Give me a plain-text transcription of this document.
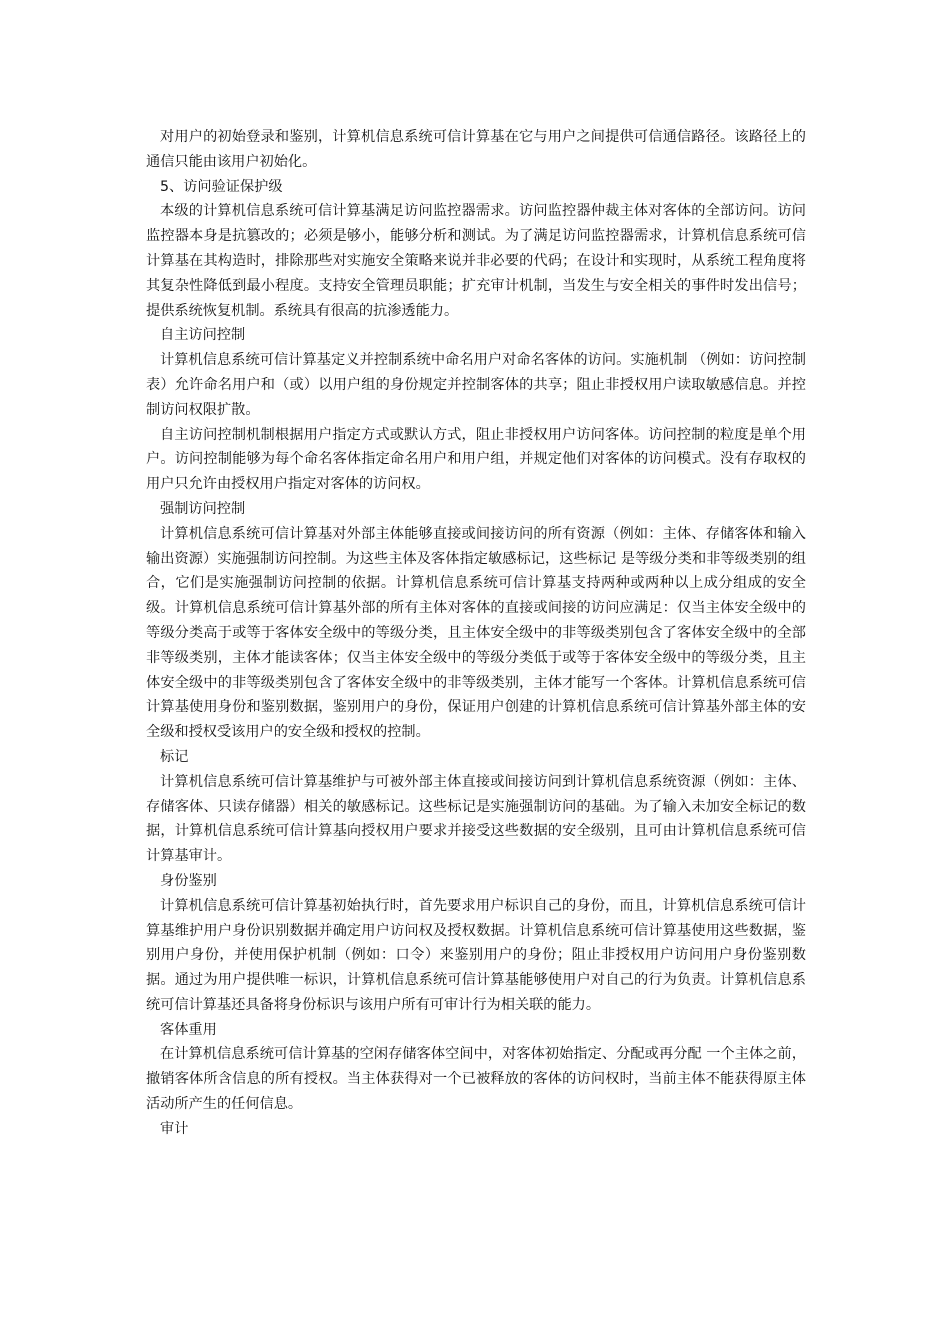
对用户的初始登录和鉴别，计算机信息系统可信计算基在它与用户之间提供可信通信路径。该路径上的通信只能由该用户初始化。

5、访问验证保护级

本级的计算机信息系统可信计算基满足访问监控器需求。访问监控器仲裁主体对客体的全部访问。访问监控器本身是抗篡改的；必须是够小，能够分析和测试。为了满足访问监控器需求，计算机信息系统可信计算基在其构造时，排除那些对实施安全策略来说并非必要的代码；在设计和实现时，从系统工程角度将其复杂性降低到最小程度。支持安全管理员职能；扩充审计机制，当发生与安全相关的事件时发出信号；提供系统恢复机制。系统具有很高的抗渗透能力。

自主访问控制

计算机信息系统可信计算基定义并控制系统中命名用户对命名客体的访问。实施机制 （例如：访问控制表）允许命名用户和（或）以用户组的身份规定并控制客体的共享；阻止非授权用户读取敏感信息。并控制访问权限扩散。

自主访问控制机制根据用户指定方式或默认方式，阻止非授权用户访问客体。访问控制的粒度是单个用户。访问控制能够为每个命名客体指定命名用户和用户组，并规定他们对客体的访问模式。没有存取权的用户只允许由授权用户指定对客体的访问权。

强制访问控制

计算机信息系统可信计算基对外部主体能够直接或间接访问的所有资源（例如：主体、存储客体和输入输出资源）实施强制访问控制。为这些主体及客体指定敏感标记，这些标记 是等级分类和非等级类别的组合，它们是实施强制访问控制的依据。计算机信息系统可信计算基支持两种或两种以上成分组成的安全级。计算机信息系统可信计算基外部的所有主体对客体的直接或间接的访问应满足：仅当主体安全级中的等级分类高于或等于客体安全级中的等级分类，且主体安全级中的非等级类别包含了客体安全级中的全部非等级类别，主体才能读客体；仅当主体安全级中的等级分类低于或等于客体安全级中的等级分类，且主体安全级中的非等级类别包含了客体安全级中的非等级类别，主体才能写一个客体。计算机信息系统可信计算基使用身份和鉴别数据，鉴别用户的身份，保证用户创建的计算机信息系统可信计算基外部主体的安全级和授权受该用户的安全级和授权的控制。

标记

计算机信息系统可信计算基维护与可被外部主体直接或间接访问到计算机信息系统资源（例如：主体、存储客体、只读存储器）相关的敏感标记。这些标记是实施强制访问的基础。为了输入未加安全标记的数据，计算机信息系统可信计算基向授权用户要求并接受这些数据的安全级别，且可由计算机信息系统可信计算基审计。

身份鉴别

计算机信息系统可信计算基初始执行时，首先要求用户标识自己的身份，而且，计算机信息系统可信计算基维护用户身份识别数据并确定用户访问权及授权数据。计算机信息系统可信计算基使用这些数据，鉴别用户身份，并使用保护机制（例如：口令）来鉴别用户的身份；阻止非授权用户访问用户身份鉴别数据。通过为用户提供唯一标识，计算机信息系统可信计算基能够使用户对自己的行为负责。计算机信息系统可信计算基还具备将身份标识与该用户所有可审计行为相关联的能力。

客体重用

在计算机信息系统可信计算基的空闲存储客体空间中，对客体初始指定、分配或再分配 一个主体之前，撤销客体所含信息的所有授权。当主体获得对一个已被释放的客体的访问权时，当前主体不能获得原主体活动所产生的任何信息。

审计
